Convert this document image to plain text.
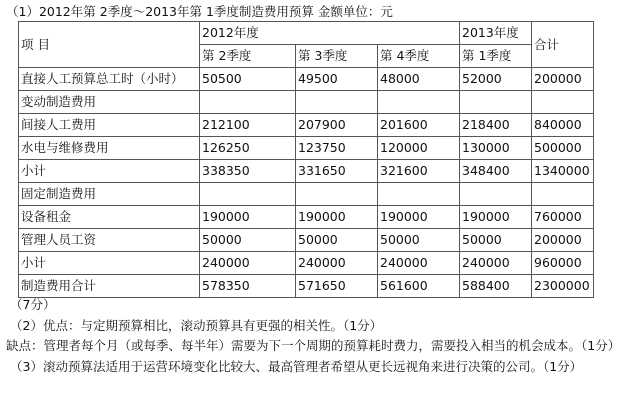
（1）2012年第 2季度～2013年第 1季度制造费用预算 金额单位：元
项 目	2012年度			2013年度	合计
	第 2季度	第 3季度	第 4季度	第 1季度	
直接人工预算总工时（小时）	50500	49500	48000	52000	200000
变动制造费用					
间接人工费用	212100	207900	201600	218400	840000
水电与维修费用	126250	123750	120000	130000	500000
小计	338350	331650	321600	348400	1340000
固定制造费用					
设备租金	190000	190000	190000	190000	760000
管理人员工资	50000	50000	50000	50000	200000
小计	240000	240000	240000	240000	960000
制造费用合计	578350	571650	561600	588400	2300000

（7分）

（2）优点：与定期预算相比，滚动预算具有更强的相关性。（1分）

缺点：管理者每个月（或每季、每半年）需要为下一个周期的预算耗时费力，需要投入相当的机会成本。（1分）

（3）滚动预算法适用于运营环境变化比较大、最高管理者希望从更长远视角来进行决策的公司。（1分）
